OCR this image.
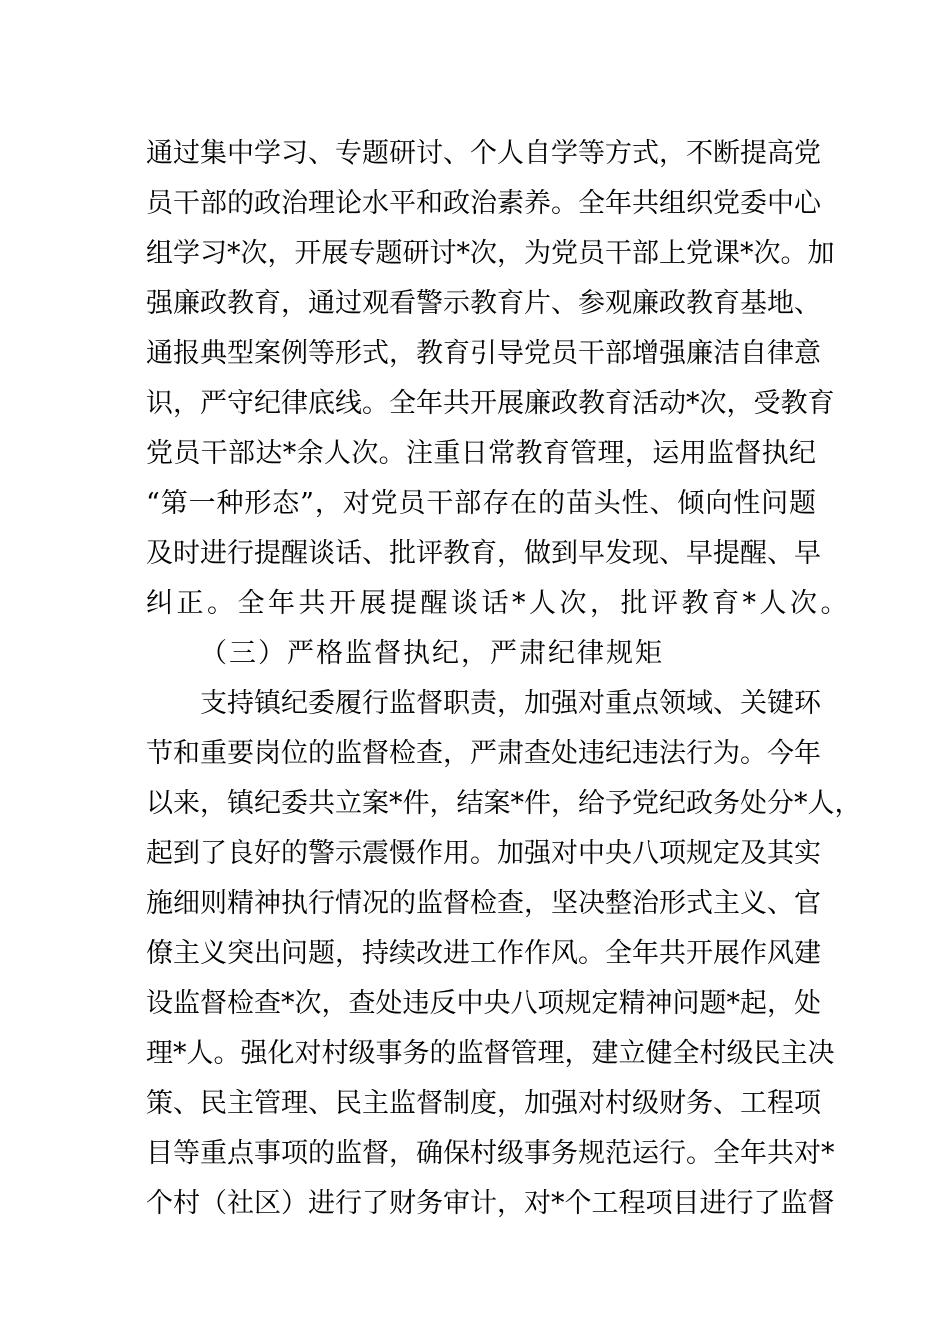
通过集中学习、专题研讨、个人自学等方式，不断提高党
员干部的政治理论水平和政治素养。全年共组织党委中心
组学习*次，开展专题研讨*次，为党员干部上党课*次。加
强廉政教育，通过观看警示教育片、参观廉政教育基地、
通报典型案例等形式，教育引导党员干部增强廉洁自律意
识，严守纪律底线。全年共开展廉政教育活动*次，受教育
党员干部达*余人次。注重日常教育管理，运用监督执纪
“第一种形态”，对党员干部存在的苗头性、倾向性问题
及时进行提醒谈话、批评教育，做到早发现、早提醒、早
纠正。全年共开展提醒谈话*人次，批评教育*人次。
（三）严格监督执纪，严肃纪律规矩
支持镇纪委履行监督职责，加强对重点领域、关键环
节和重要岗位的监督检查，严肃查处违纪违法行为。今年
以来，镇纪委共立案*件，结案*件，给予党纪政务处分*人，
起到了良好的警示震慑作用。加强对中央八项规定及其实
施细则精神执行情况的监督检查，坚决整治形式主义、官
僚主义突出问题，持续改进工作作风。全年共开展作风建
设监督检查*次，查处违反中央八项规定精神问题*起，处
理*人。强化对村级事务的监督管理，建立健全村级民主决
策、民主管理、民主监督制度，加强对村级财务、工程项
目等重点事项的监督，确保村级事务规范运行。全年共对*
个村（社区）进行了财务审计，对*个工程项目进行了监督
